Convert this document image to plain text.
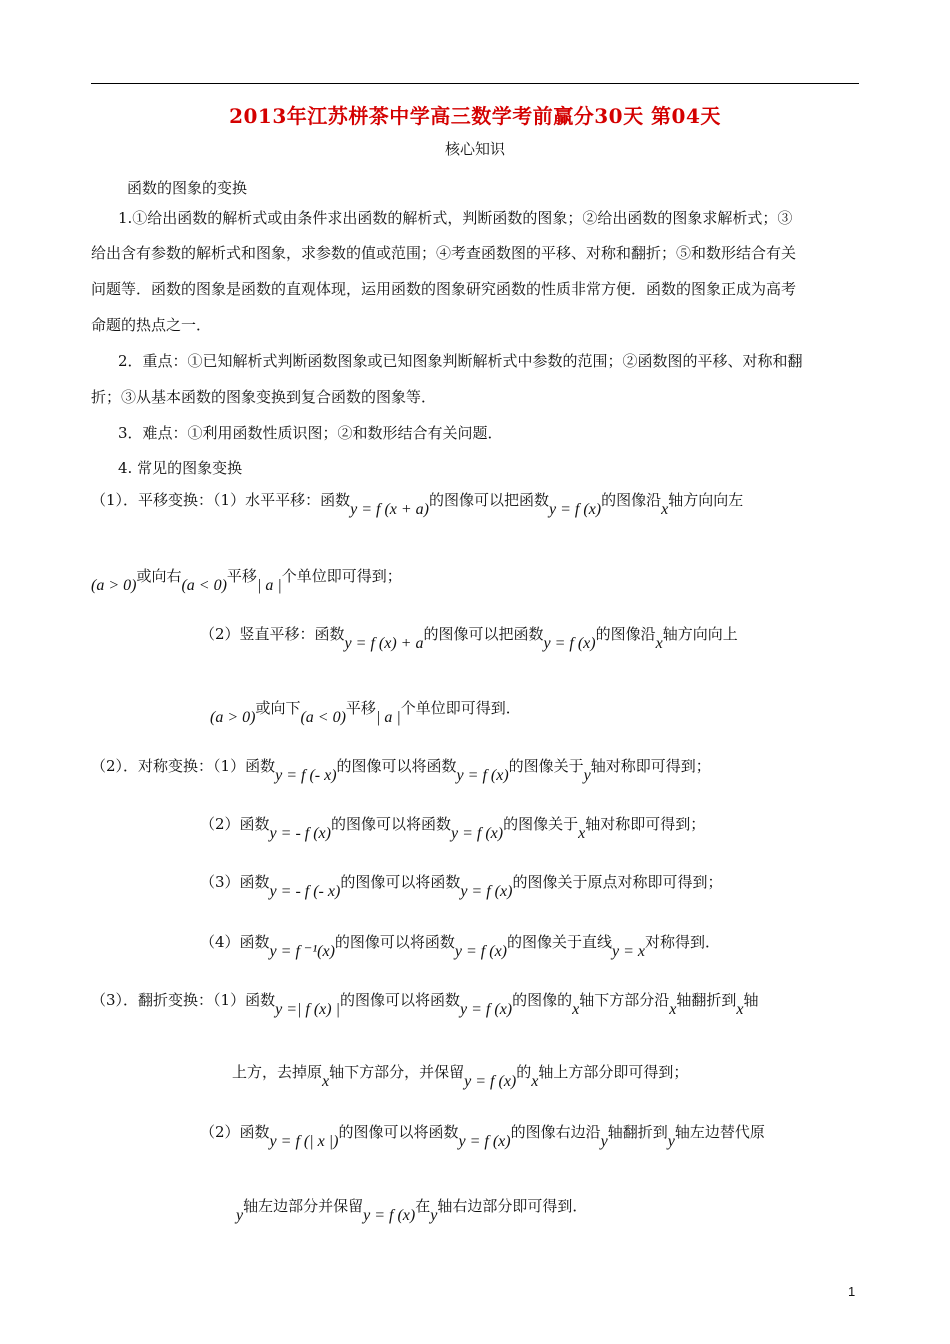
2013年江苏栟茶中学高三数学考前赢分30天 第04天
核心知识
函数的图象的变换
1.①给出函数的解析式或由条件求出函数的解析式，判断函数的图象；②给出函数的图象求解析式；③
给出含有参数的解析式和图象，求参数的值或范围；④考查函数图的平移、对称和翻折；⑤和数形结合有关
问题等．函数的图象是函数的直观体现，运用函数的图象研究函数的性质非常方便．函数的图象正成为高考
命题的热点之一．
2．重点：①已知解析式判断函数图象或已知图象判断解析式中参数的范围；②函数图的平移、对称和翻
折；③从基本函数的图象变换到复合函数的图象等．
3．难点：①利用函数性质识图；②和数形结合有关问题．
4. 常见的图象变换
（1）．平移变换：（1）水平平移：函数y = f (x + a)的图像可以把函数y = f (x)的图像沿x轴方向向左
(a > 0)或向右(a < 0)平移| a |个单位即可得到；
（2）竖直平移：函数y = f (x) + a的图像可以把函数y = f (x)的图像沿x轴方向向上
(a > 0)或向下(a < 0)平移| a |个单位即可得到．
（2）．对称变换：（1）函数y = f (- x)的图像可以将函数y = f (x)的图像关于y轴对称即可得到；
（2）函数y = - f (x)的图像可以将函数y = f (x)的图像关于x轴对称即可得到；
（3）函数y = - f (- x)的图像可以将函数y = f (x)的图像关于原点对称即可得到；
（4）函数y = f ⁻¹(x)的图像可以将函数y = f (x)的图像关于直线y = x对称得到．
（3）．翻折变换：（1）函数y =| f (x) |的图像可以将函数y = f (x)的图像的x轴下方部分沿x轴翻折到x轴
上方，去掉原x轴下方部分，并保留y = f (x)的x轴上方部分即可得到；
（2）函数y = f (| x |)的图像可以将函数y = f (x)的图像右边沿y轴翻折到y轴左边替代原
y轴左边部分并保留y = f (x)在y轴右边部分即可得到．
1
